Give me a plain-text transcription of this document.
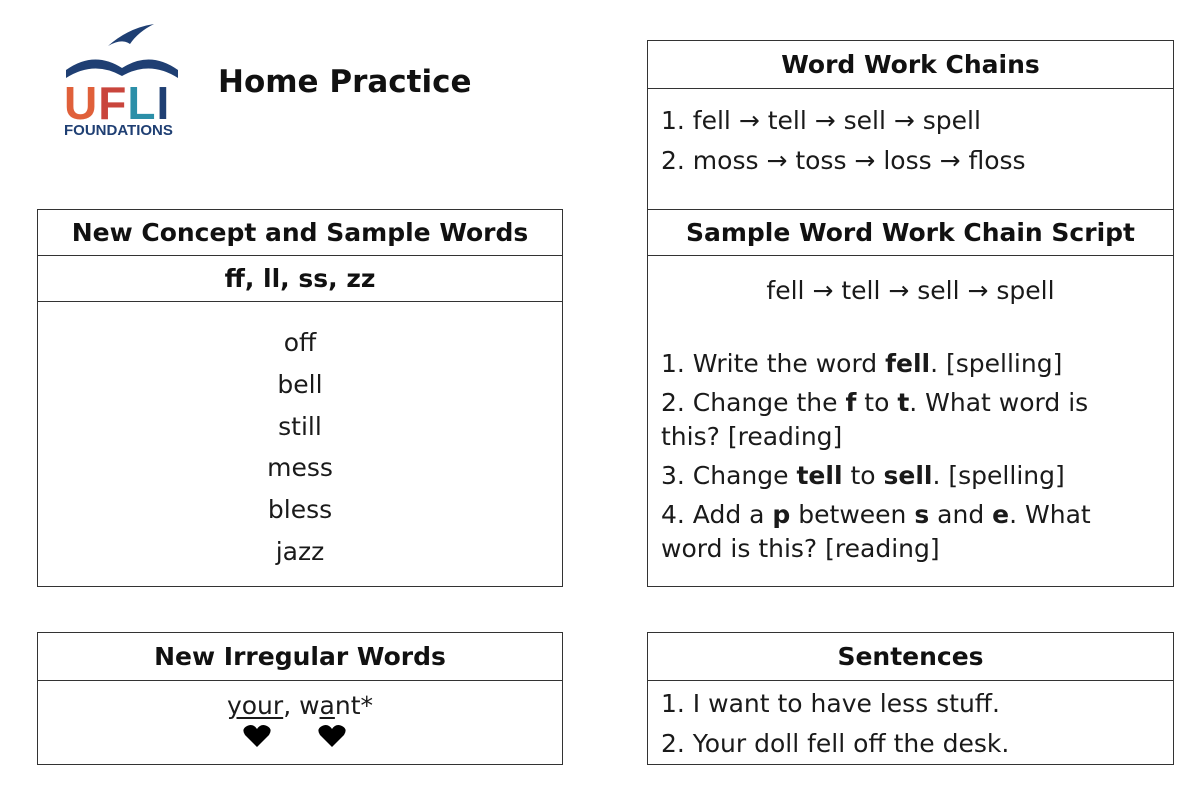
UFLI
FOUNDATIONS
Home Practice
New Concept and Sample Words
ff, ll, ss, zz
off
bell
still
mess
bless
jazz
New Irregular Words
your, want*
Word Work Chains
1. fell → tell → sell → spell
2. moss → toss → loss → floss
Sample Word Work Chain Script
fell → tell → sell → spell
1. Write the word fell. [spelling]
2. Change the f to t. What word is this? [reading]
3. Change tell to sell. [spelling]
4. Add a p between s and e. What word is this? [reading]
Sentences
1. I want to have less stuff.
2. Your doll fell off the desk.
